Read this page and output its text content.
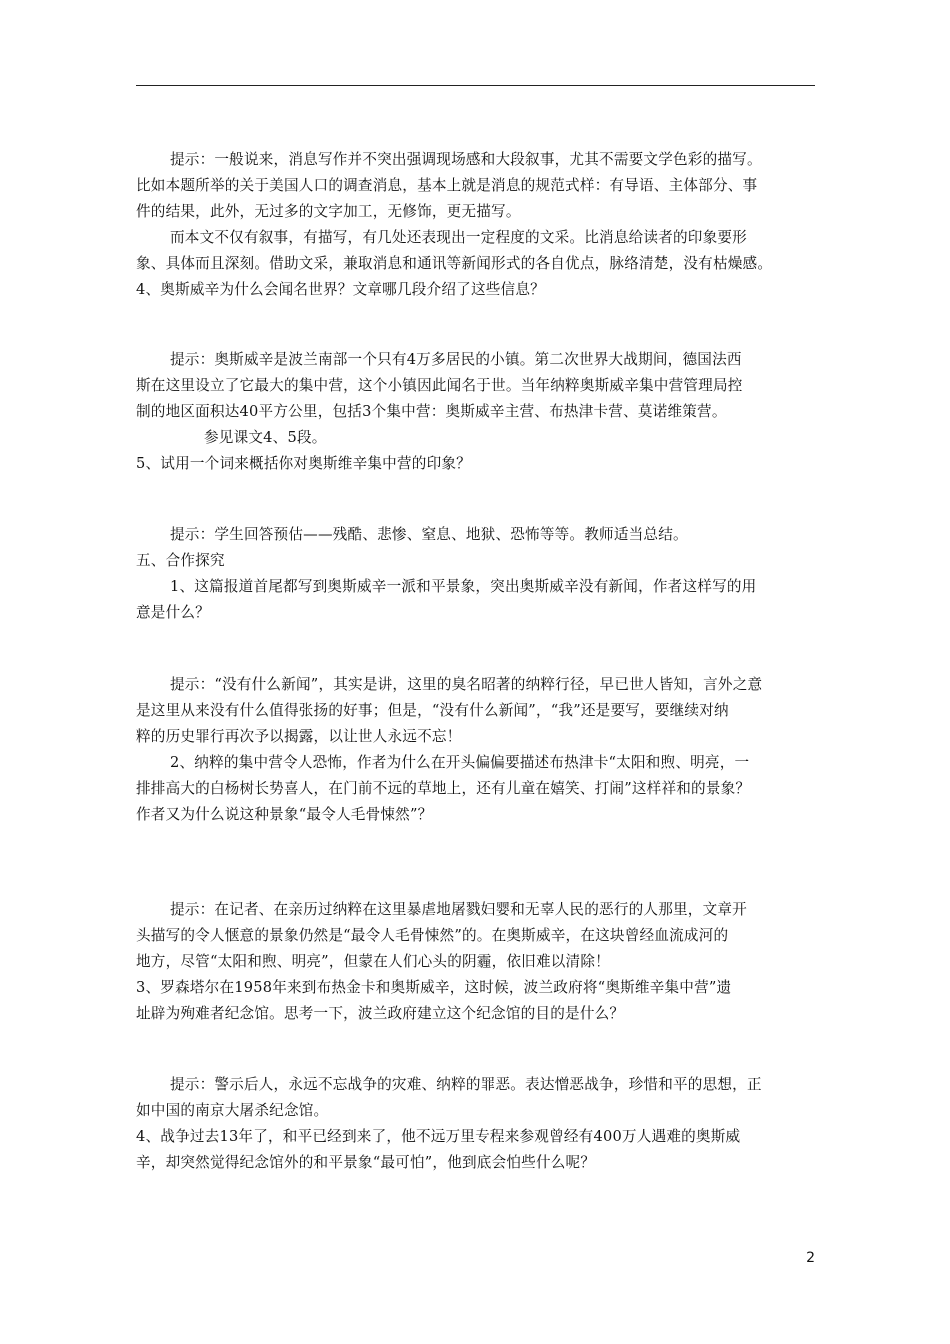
提示：一般说来，消息写作并不突出强调现场感和大段叙事，尤其不需要文学色彩的描写。
比如本题所举的关于美国人口的调查消息，基本上就是消息的规范式样：有导语、主体部分、事
件的结果，此外，无过多的文字加工，无修饰，更无描写。
而本文不仅有叙事，有描写，有几处还表现出一定程度的文采。比消息给读者的印象要形
象、具体而且深刻。借助文采，兼取消息和通讯等新闻形式的各自优点，脉络清楚，没有枯燥感。
4、奥斯威辛为什么会闻名世界？文章哪几段介绍了这些信息？
提示：奥斯威辛是波兰南部一个只有4万多居民的小镇。第二次世界大战期间，德国法西
斯在这里设立了它最大的集中营，这个小镇因此闻名于世。当年纳粹奥斯威辛集中营管理局控
制的地区面积达40平方公里，包括3个集中营：奥斯威辛主营、布热津卡营、莫诺维策营。
参见课文4、5段。
5、试用一个词来概括你对奥斯维辛集中营的印象？
提示：学生回答预估——残酷、悲惨、窒息、地狱、恐怖等等。教师适当总结。
五、合作探究
1、这篇报道首尾都写到奥斯威辛一派和平景象，突出奥斯威辛没有新闻，作者这样写的用
意是什么？
提示：“没有什么新闻”，其实是讲，这里的臭名昭著的纳粹行径，早已世人皆知，言外之意
是这里从来没有什么值得张扬的好事；但是，“没有什么新闻”，“我”还是要写，要继续对纳
粹的历史罪行再次予以揭露，以让世人永远不忘！
2、纳粹的集中营令人恐怖，作者为什么在开头偏偏要描述布热津卡“太阳和煦、明亮，一
排排高大的白杨树长势喜人，在门前不远的草地上，还有儿童在嬉笑、打闹”这样祥和的景象？
作者又为什么说这种景象“最令人毛骨悚然”？
提示：在记者、在亲历过纳粹在这里暴虐地屠戮妇婴和无辜人民的恶行的人那里，文章开
头描写的令人惬意的景象仍然是“最令人毛骨悚然”的。在奥斯威辛，在这块曾经血流成河的
地方，尽管“太阳和煦、明亮”，但蒙在人们心头的阴霾，依旧难以清除！
3、罗森塔尔在1958年来到布热金卡和奥斯威辛，这时候，波兰政府将“奥斯维辛集中营”遗
址辟为殉难者纪念馆。思考一下，波兰政府建立这个纪念馆的目的是什么？
提示：警示后人，永远不忘战争的灾难、纳粹的罪恶。表达憎恶战争，珍惜和平的思想，正
如中国的南京大屠杀纪念馆。
4、战争过去13年了，和平已经到来了，他不远万里专程来参观曾经有400万人遇难的奥斯威
辛，却突然觉得纪念馆外的和平景象“最可怕”，他到底会怕些什么呢？
2
